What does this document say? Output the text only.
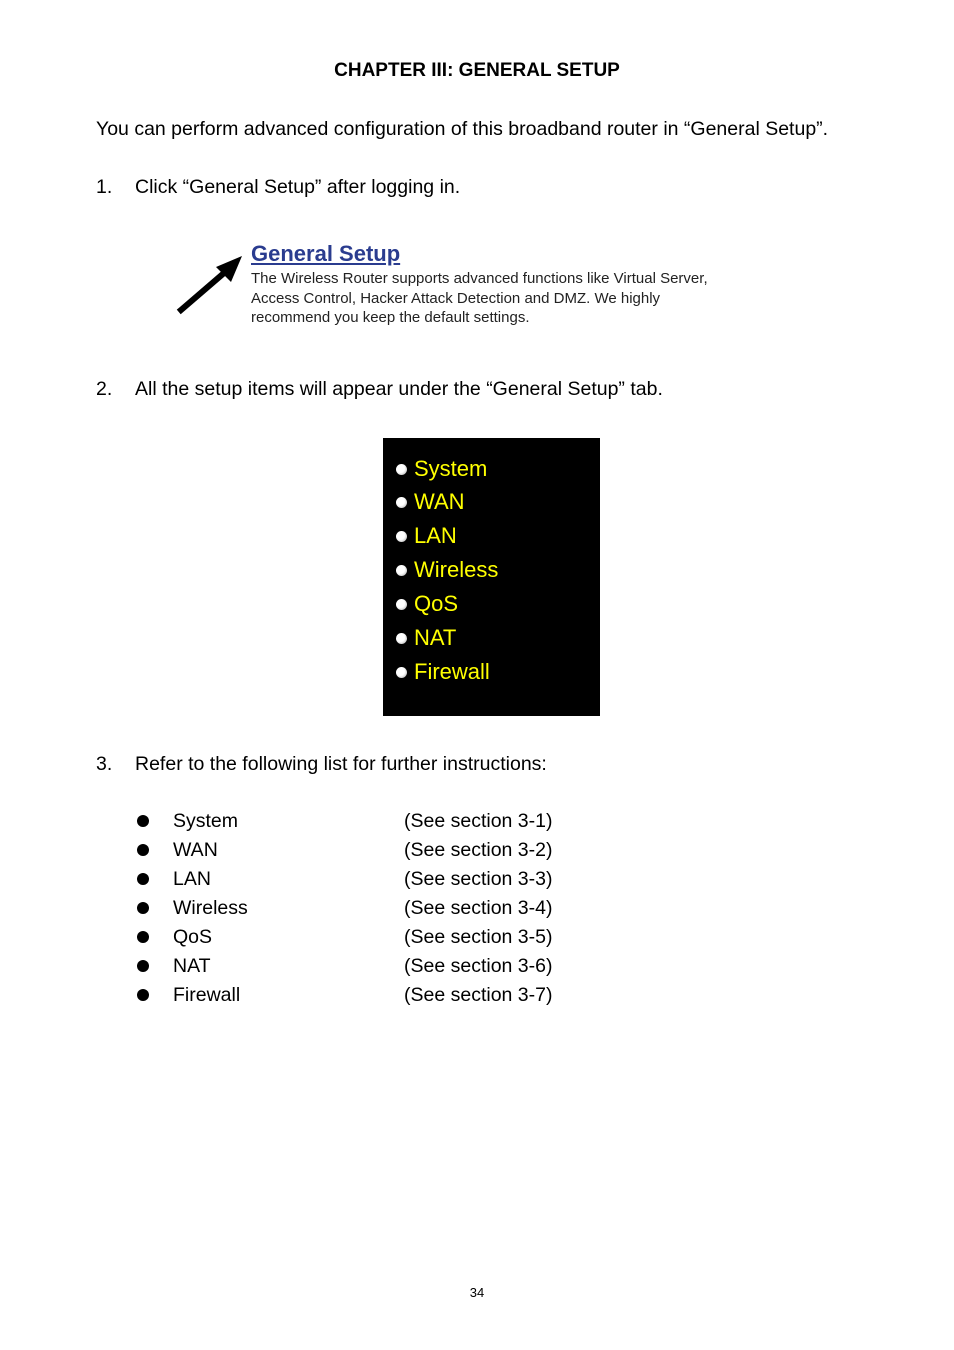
CHAPTER III: GENERAL SETUP
You can perform advanced configuration of this broadband router in “General Setup”.
1. Click “General Setup” after logging in.
General Setup
The Wireless Router supports advanced functions like Virtual Server,
Access Control, Hacker Attack Detection and DMZ. We highly
recommend you keep the default settings.
2. All the setup items will appear under the “General Setup” tab.
System
WAN
LAN
Wireless
QoS
NAT
Firewall
3. Refer to the following list for further instructions:
System	(See section 3-1)
WAN	(See section 3-2)
LAN	(See section 3-3)
Wireless	(See section 3-4)
QoS	(See section 3-5)
NAT	(See section 3-6)
Firewall	(See section 3-7)
34
